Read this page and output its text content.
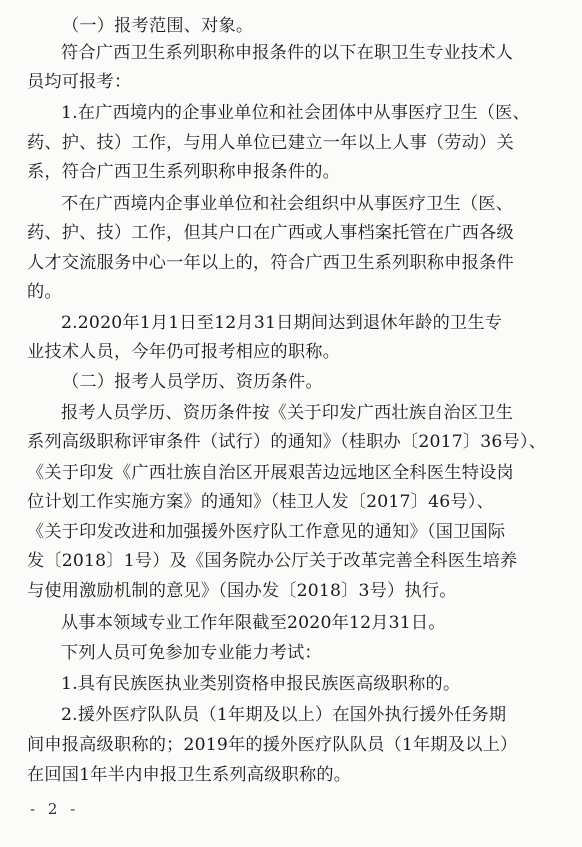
（一）报考范围、对象。
符合广西卫生系列职称申报条件的以下在职卫生专业技术人
员均可报考：
1.在广西境内的企事业单位和社会团体中从事医疗卫生（医、
药、护、技）工作，与用人单位已建立一年以上人事（劳动）关
系，符合广西卫生系列职称申报条件的。
不在广西境内企事业单位和社会组织中从事医疗卫生（医、
药、护、技）工作，但其户口在广西或人事档案托管在广西各级
人才交流服务中心一年以上的，符合广西卫生系列职称申报条件
的。
2.2020年1月1日至12月31日期间达到退休年龄的卫生专
业技术人员，今年仍可报考相应的职称。
（二）报考人员学历、资历条件。
报考人员学历、资历条件按《关于印发广西壮族自治区卫生
系列高级职称评审条件（试行）的通知》（桂职办〔2017〕36号）、
《关于印发《广西壮族自治区开展艰苦边远地区全科医生特设岗
位计划工作实施方案》的通知》（桂卫人发〔2017〕46号）、
《关于印发改进和加强援外医疗队工作意见的通知》（国卫国际
发〔2018〕1号）及《国务院办公厅关于改革完善全科医生培养
与使用激励机制的意见》（国办发〔2018〕3号）执行。
从事本领域专业工作年限截至2020年12月31日。
下列人员可免参加专业能力考试：
1.具有民族医执业类别资格申报民族医高级职称的。
2.援外医疗队队员（1年期及以上）在国外执行援外任务期
间申报高级职称的；2019年的援外医疗队队员（1年期及以上）
在回国1年半内申报卫生系列高级职称的。
- 2 -
